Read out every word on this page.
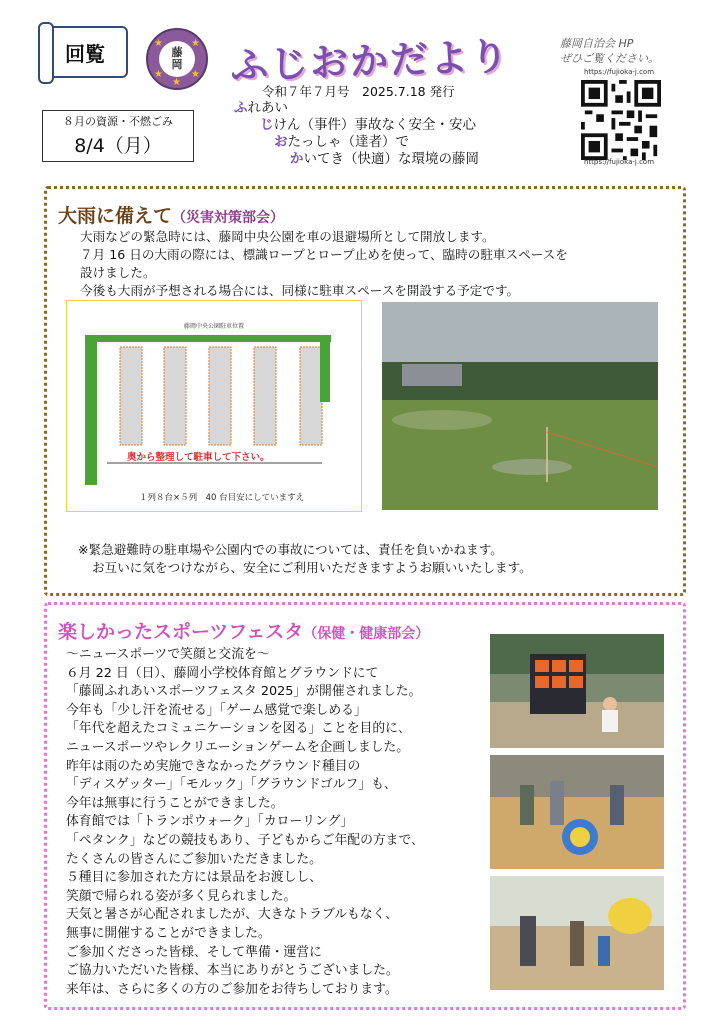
回覧	★	★
★	★
★
藤
岡 ふじおかだより
令和７年７月号　2025.7.18 発行
ふれあい
じけん（事件）事故なく安全・安心
おたっしゃ（達者）で
かいてき（快適）な環境の藤岡
藤岡自治会 HP
ぜひご覧ください。
https://fujioka-j.com
https://fujioka-j.com
８月の資源・不燃ごみ
8/4（月）
大雨に備えて（災害対策部会）
大雨などの緊急時には、藤岡中央公園を車の退避場所として開放します。
７月 16 日の大雨の際には、標識ロープとロープ止めを使って、臨時の駐車スペースを
設けました。
今後も大雨が予想される場合には、同様に駐車スペースを開設する予定です。
藤岡中央公園駐車位置
奥から整理して駐車して下さい。
１列８台×５列　40 台目安にしていますえ
※緊急避難時の駐車場や公園内での事故については、責任を負いかねます。
お互いに気をつけながら、安全にご利用いただきますようお願いいたします。
楽しかったスポーツフェスタ（保健・健康部会）
～ニュースポーツで笑顔と交流を～
６月 22 日（日）、藤岡小学校体育館とグラウンドにて
「藤岡ふれあいスポーツフェスタ 2025」が開催されました。
今年も「少し汗を流せる」「ゲーム感覚で楽しめる」
「年代を超えたコミュニケーションを図る」ことを目的に、
ニュースポーツやレクリエーションゲームを企画しました。
昨年は雨のため実施できなかったグラウンド種目の
「ディスゲッター」「モルック」「グラウンドゴルフ」も、
今年は無事に行うことができました。
体育館では「トランポウォーク」「カローリング」
「ペタンク」などの競技もあり、子どもからご年配の方まで、
たくさんの皆さんにご参加いただきました。
５種目に参加された方には景品をお渡しし、
笑顔で帰られる姿が多く見られました。
天気と暑さが心配されましたが、大きなトラブルもなく、
無事に開催することができました。
ご参加くださった皆様、そして準備・運営に
ご協力いただいた皆様、本当にありがとうございました。
来年は、さらに多くの方のご参加をお待ちしております。
